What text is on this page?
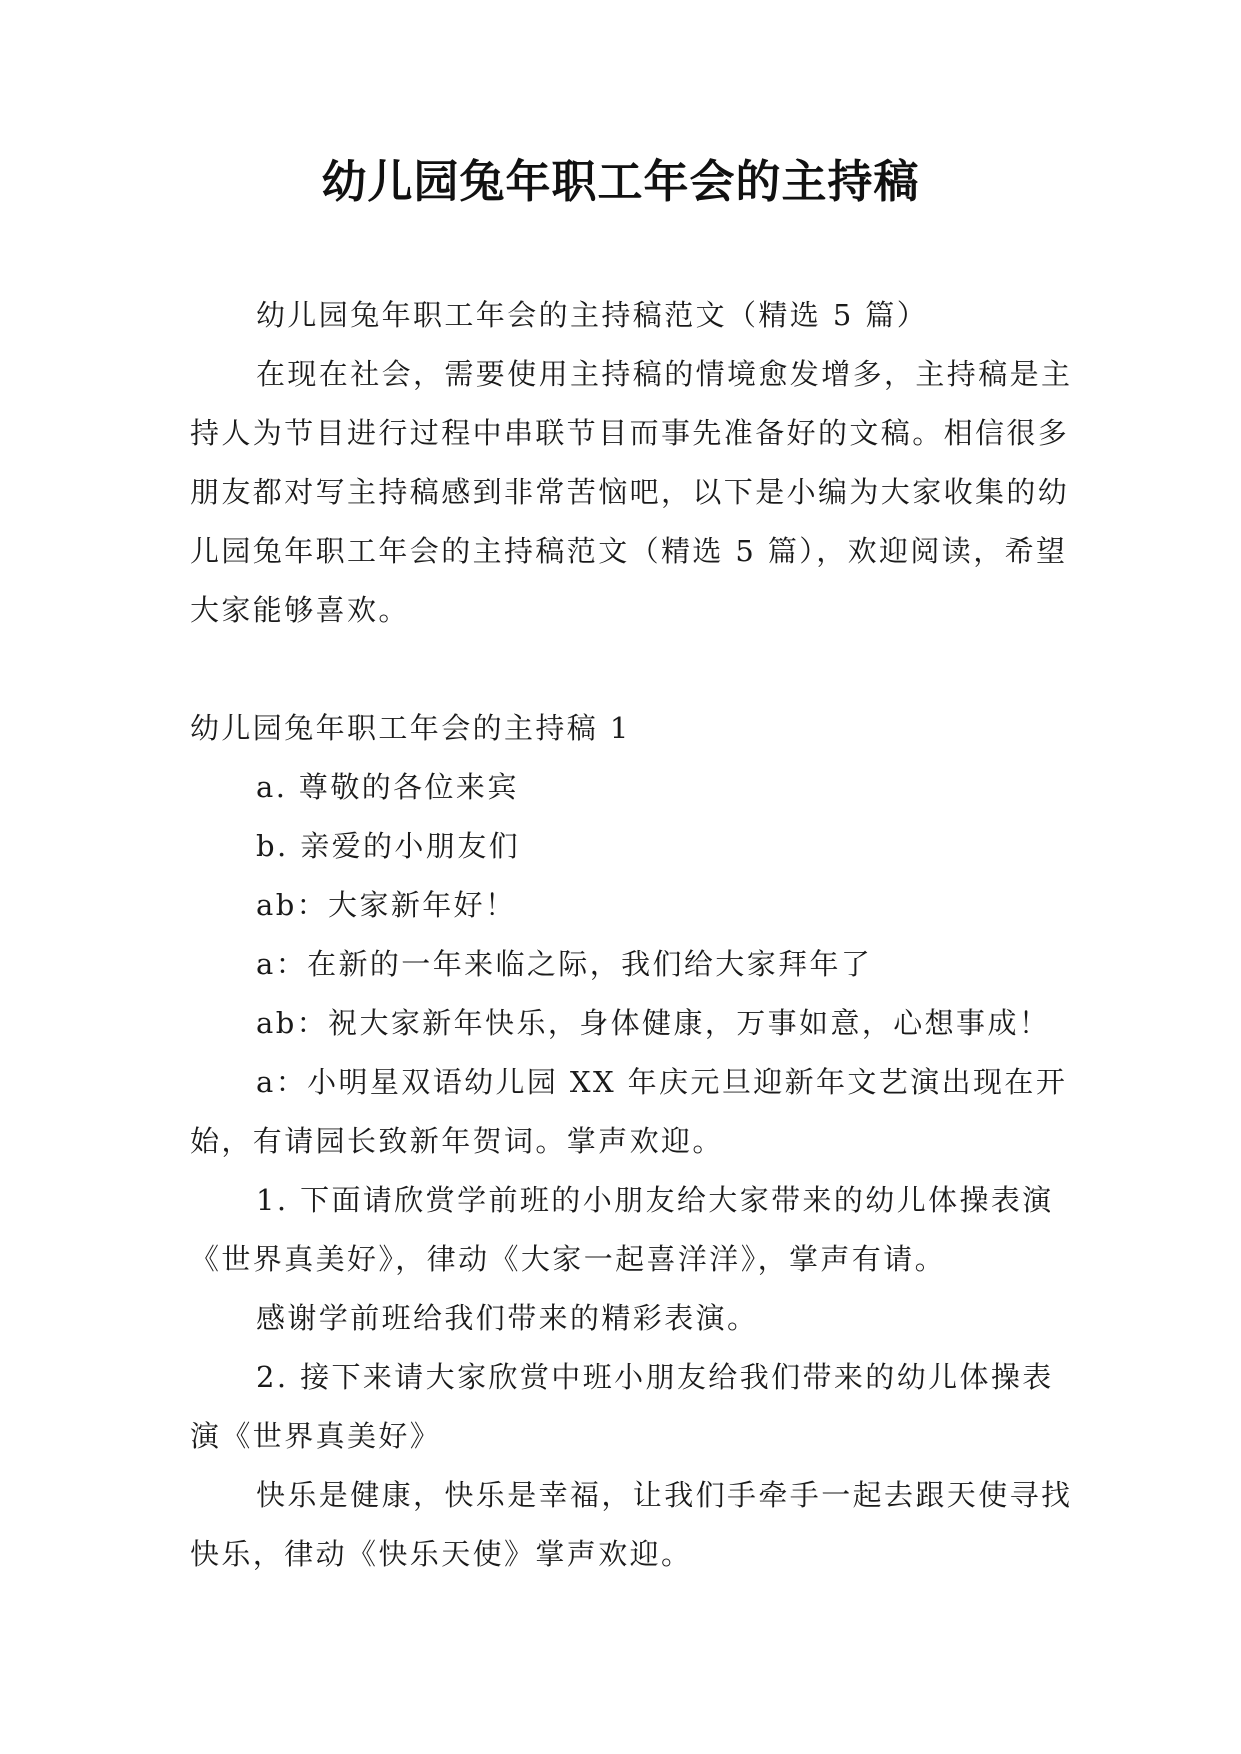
幼儿园兔年职工年会的主持稿

幼儿园兔年职工年会的主持稿范文（精选 5 篇）

在现在社会，需要使用主持稿的情境愈发增多，主持稿是主持人为节目进行过程中串联节目而事先准备好的文稿。相信很多朋友都对写主持稿感到非常苦恼吧，以下是小编为大家收集的幼儿园兔年职工年会的主持稿范文（精选 5 篇），欢迎阅读，希望大家能够喜欢。

幼儿园兔年职工年会的主持稿 1

a. 尊敬的各位来宾

b. 亲爱的小朋友们

ab：大家新年好！

a：在新的一年来临之际，我们给大家拜年了

ab：祝大家新年快乐，身体健康，万事如意，心想事成！

a：小明星双语幼儿园 XX 年庆元旦迎新年文艺演出现在开始，有请园长致新年贺词。掌声欢迎。

1. 下面请欣赏学前班的小朋友给大家带来的幼儿体操表演《世界真美好》，律动《大家一起喜洋洋》，掌声有请。

感谢学前班给我们带来的精彩表演。

2. 接下来请大家欣赏中班小朋友给我们带来的幼儿体操表演《世界真美好》

快乐是健康，快乐是幸福，让我们手牵手一起去跟天使寻找快乐，律动《快乐天使》掌声欢迎。
